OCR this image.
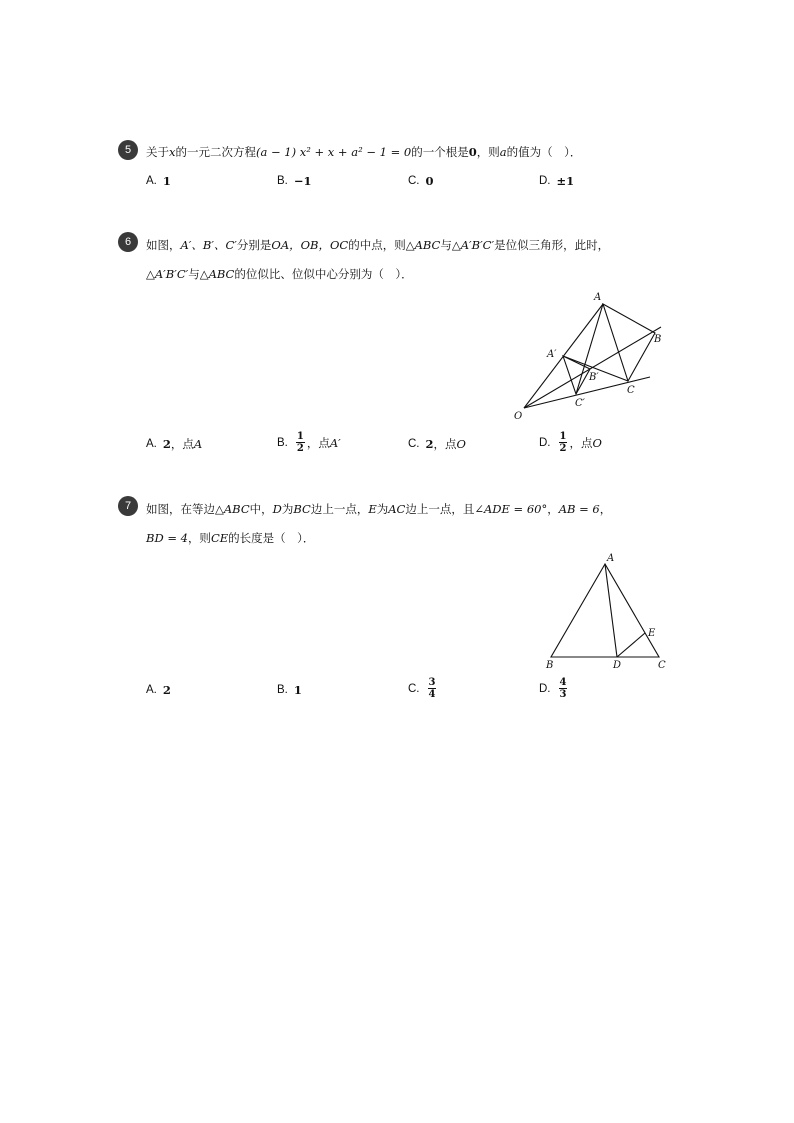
5	关于x的一元二次方程(a − 1) x² + x + a² − 1 = 0的一个根是0，则a的值为（　）．
A. 1	B. −1	C. 0	D. ±1
6	如图，A′、B′、C′分别是OA，OB，OC的中点，则△ABC与△A′B′C′是位似三角形，此时，
△A′B′C′与△ABC的位似比、位似中心分别为（　）．
A
B
C
A′
B′
C′
O
A. 2 ，点 A	B. $\frac{1}{2}$ ，点 A′	C. 2 ，点 O	D. $\frac{1}{2}$ ，点 O
7	如图，在等边△ABC中，D为BC边上一点，E为AC边上一点，且∠ADE = 60°，AB = 6，
BD = 4，则CE的长度是（　）．
A
B	C
D
E
A. 2	B. 1	C. $\frac{3}{4}$	D. $\frac{4}{3}$
